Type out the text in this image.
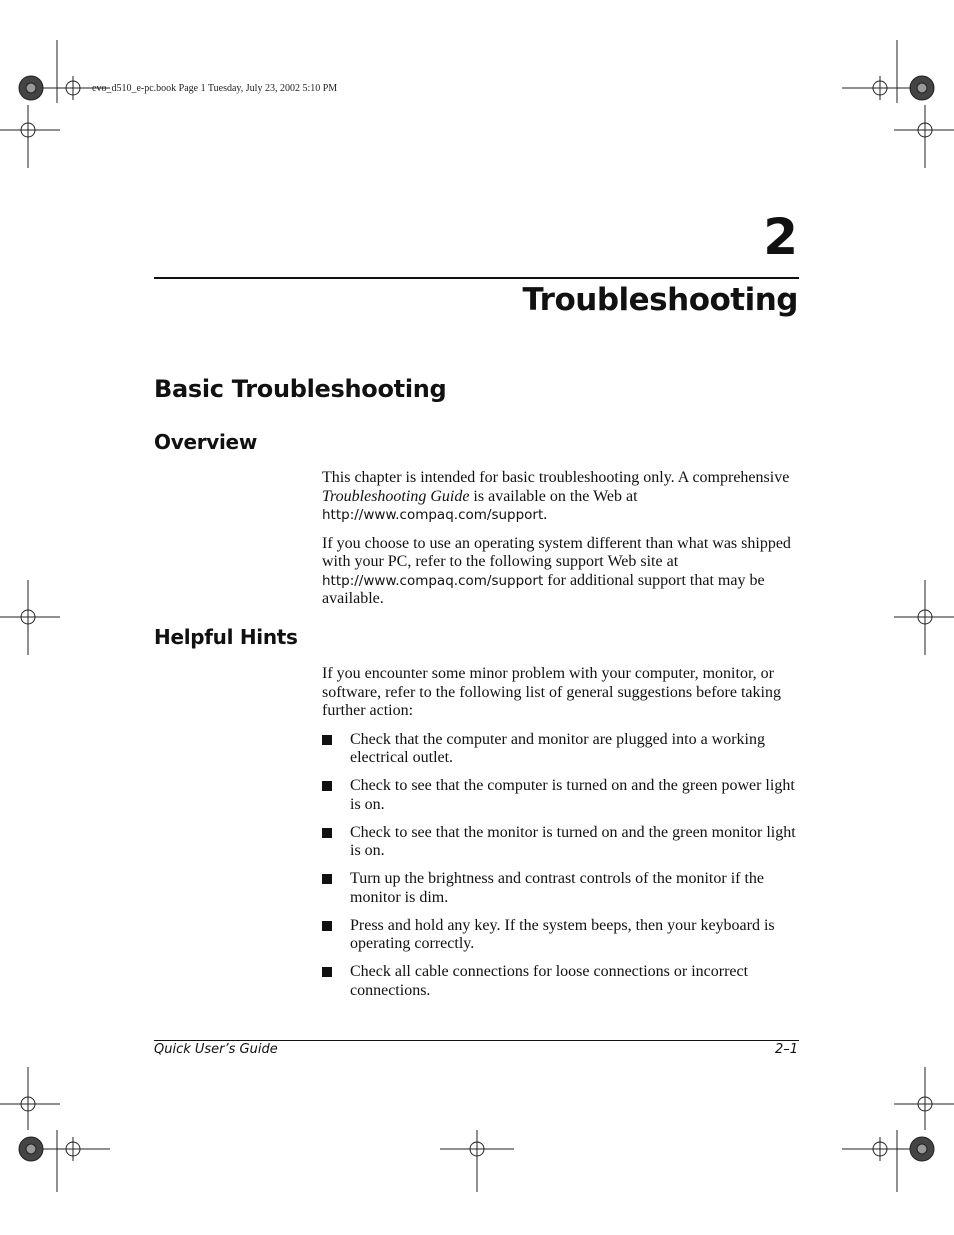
evo_d510_e-pc.book Page 1 Tuesday, July 23, 2002 5:10 PM
2
Troubleshooting
Basic Troubleshooting
Overview

This chapter is intended for basic troubleshooting only. A comprehensive Troubleshooting Guide is available on the Web at http://www.compaq.com/support.

If you choose to use an operating system different than what was shipped with your PC, refer to the following support Web site at http://www.compaq.com/support for additional support that may be available.

Helpful Hints

If you encounter some minor problem with your computer, monitor, or software, refer to the following list of general suggestions before taking further action:

Check that the computer and monitor are plugged into a working electrical outlet.
Check to see that the computer is turned on and the green power light is on.
Check to see that the monitor is turned on and the green monitor light is on.
Turn up the brightness and contrast controls of the monitor if the monitor is dim.
Press and hold any key. If the system beeps, then your keyboard is operating correctly.
Check all cable connections for loose connections or incorrect connections.
Quick User’s Guide	2–1
